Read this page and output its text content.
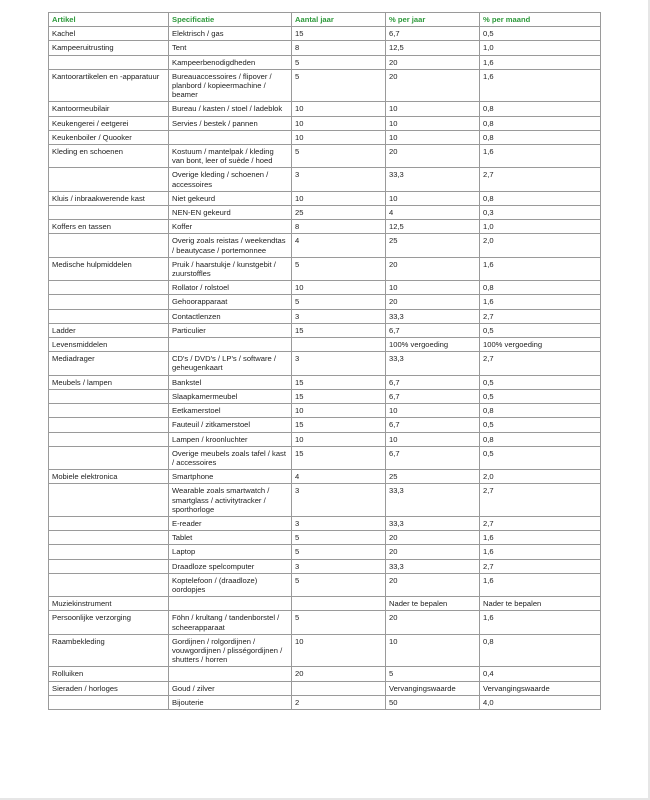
Artikel	Specificatie	Aantal jaar	% per jaar	% per maand
Kachel	Elektrisch / gas	15	6,7	0,5
Kampeeruitrusting	Tent	8	12,5	1,0
	Kampeerbenodigdheden	5	20	1,6
Kantoorartikelen en -apparatuur	Bureauaccessoires / flipover / planbord / kopieermachine / beamer	5	20	1,6
Kantoormeubilair	Bureau / kasten / stoel / ladeblok	10	10	0,8
Keukengerei / eetgerei	Servies / bestek / pannen	10	10	0,8
Keukenboiler / Quooker		10	10	0,8
Kleding en schoenen	Kostuum / mantelpak / kleding van bont, leer of suède / hoed	5	20	1,6
	Overige kleding / schoenen / accessoires	3	33,3	2,7
Kluis / inbraakwerende kast	Niet gekeurd	10	10	0,8
	NEN-EN gekeurd	25	4	0,3
Koffers en tassen	Koffer	8	12,5	1,0
	Overig zoals reistas / weekendtas / beautycase / portemonnee	4	25	2,0
Medische hulpmiddelen	Pruik / haarstukje / kunstgebit / zuurstoffles	5	20	1,6
	Rollator / rolstoel	10	10	0,8
	Gehoorapparaat	5	20	1,6
	Contactlenzen	3	33,3	2,7
Ladder	Particulier	15	6,7	0,5
Levensmiddelen			100% vergoeding	100% vergoeding
Mediadrager	CD's / DVD's / LP's / software / geheugenkaart	3	33,3	2,7
Meubels / lampen	Bankstel	15	6,7	0,5
	Slaapkamermeubel	15	6,7	0,5
	Eetkamerstoel	10	10	0,8
	Fauteuil / zitkamerstoel	15	6,7	0,5
	Lampen / kroonluchter	10	10	0,8
	Overige meubels zoals tafel / kast / accessoires	15	6,7	0,5
Mobiele elektronica	Smartphone	4	25	2,0
	Wearable zoals smartwatch / smartglass / activitytracker / sporthorloge	3	33,3	2,7
	E-reader	3	33,3	2,7
	Tablet	5	20	1,6
	Laptop	5	20	1,6
	Draadloze spelcomputer	3	33,3	2,7
	Koptelefoon / (draadloze) oordopjes	5	20	1,6
Muziekinstrument			Nader te bepalen	Nader te bepalen
Persoonlijke verzorging	Föhn / krultang / tandenborstel / scheerapparaat	5	20	1,6
Raambekleding	Gordijnen / rolgordijnen / vouwgordijnen / plisségordijnen / shutters / horren	10	10	0,8
Rolluiken		20	5	0,4
Sieraden / horloges	Goud / zilver		Vervangingswaarde	Vervangingswaarde
	Bijouterie	2	50	4,0
